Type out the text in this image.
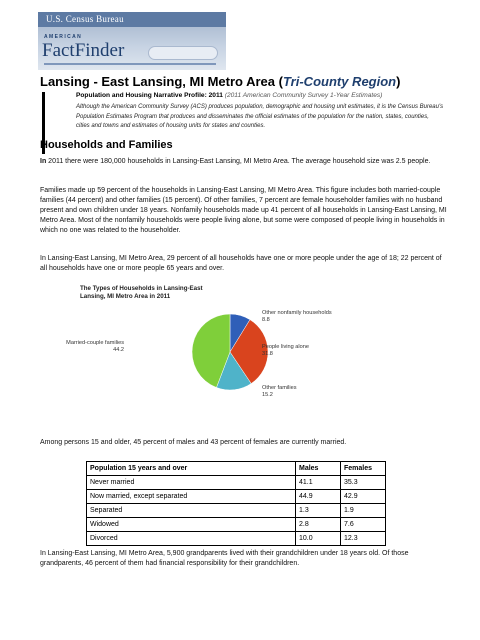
U.S. Census Bureau
AMERICAN
FactFinder
Lansing - East Lansing, MI Metro Area (Tri-County Region)
Population and Housing Narrative Profile: 2011 (2011 American Community Survey 1-Year Estimates)
Although the American Community Survey (ACS) produces population, demographic and housing unit estimates, it is the Census Bureau's Population Estimates Program that produces and disseminates the official estimates of the population for the nation, states, counties, cities and towns and estimates of housing units for states and counties.
Households and Families
In 2011 there were 180,000 households in Lansing-East Lansing, MI Metro Area. The average household size was 2.5 people.
Families made up 59 percent of the households in Lansing-East Lansing, MI Metro Area. This figure includes both married-couple families (44 percent) and other families (15 percent). Of other families, 7 percent are female householder families with no husband present and own children under 18 years. Nonfamily households made up 41 percent of all households in Lansing-East Lansing, MI Metro Area. Most of the nonfamily households were people living alone, but some were composed of people living in households in which no one was related to the householder.
In Lansing-East Lansing, MI Metro Area, 29 percent of all households have one or more people under the age of 18; 22 percent of all households have one or more people 65 years and over.
Other nonfamily households
8.8
People living alone
31.8
Other families
15.2
Married-couple families
44.2
The Types of Households in Lansing-East Lansing, MI Metro Area in 2011
Among persons 15 and older, 45 percent of males and 43 percent of females are currently married.
Population 15 years and over	Males	Females
Never married	41.1	35.3
Now married, except separated	44.9	42.9
Separated	1.3	1.9
Widowed	2.8	7.6
Divorced	10.0	12.3
In Lansing-East Lansing, MI Metro Area, 5,900 grandparents lived with their grandchildren under 18 years old. Of those grandparents, 46 percent of them had financial responsibility for their grandchildren.
